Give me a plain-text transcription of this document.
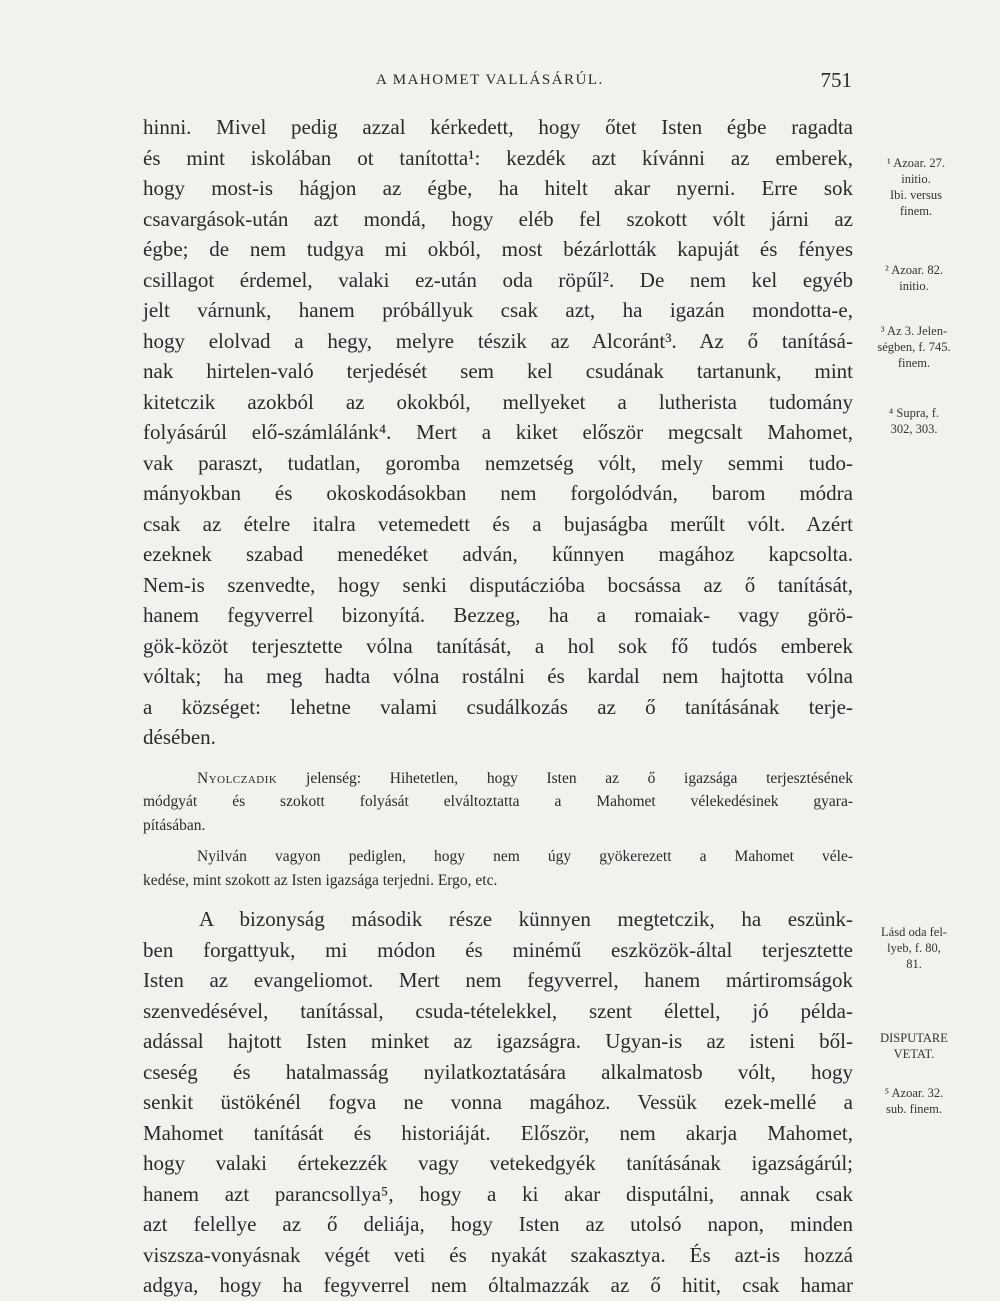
A MAHOMET VALLÁSÁRÚL.	751
hinni. Mivel pedig azzal kérkedett, hogy őtet Isten égbe ragadta
és mint iskolában ot tanította¹: kezdék azt kívánni az emberek,
hogy most-is hágjon az égbe, ha hitelt akar nyerni. Erre sok
csavargások-után azt mondá, hogy eléb fel szokott vólt járni az
égbe; de nem tudgya mi okból, most bézárlották kapuját és fényes
csillagot érdemel, valaki ez-után oda röpűl². De nem kel egyéb
jelt várnunk, hanem próbállyuk csak azt, ha igazán mondotta-e,
hogy elolvad a hegy, melyre tészik az Alcoránt³. Az ő tanításá-
nak hirtelen-való terjedését sem kel csudának tartanunk, mint
kitetczik azokból az okokból, mellyeket a lutherista tudomány
folyásárúl elő-számlálánk⁴. Mert a kiket először megcsalt Mahomet,
vak paraszt, tudatlan, goromba nemzetség vólt, mely semmi tudo-
mányokban és okoskodásokban nem forgolódván, barom módra
csak az ételre italra vetemedett és a bujaságba merűlt vólt. Azért
ezeknek szabad menedéket adván, kűnnyen magához kapcsolta.
Nem-is szenvedte, hogy senki disputáczióba bocsássa az ő tanítását,
hanem fegyverrel bizonyítá. Bezzeg, ha a romaiak- vagy görö-
gök-közöt terjesztette vólna tanítását, a hol sok fő tudós emberek
vóltak; ha meg hadta vólna rostálni és kardal nem hajtotta vólna
a községet: lehetne valami csudálkozás az ő tanításának terje-
désében.
Nyolczadik jelenség: Hihetetlen, hogy Isten az ő igazsága terjesztésének
módgyát és szokott folyását elváltoztatta a Mahomet vélekedésinek gyara-
pításában.
Nyilván vagyon pediglen, hogy nem úgy gyökerezett a Mahomet véle-
kedése, mint szokott az Isten igazsága terjedni. Ergo, etc.
A bizonyság második része künnyen megtetczik, ha eszünk-
ben forgattyuk, mi módon és minémű eszközök-által terjesztette
Isten az evangeliomot. Mert nem fegyverrel, hanem mártiromságok
szenvedésével, tanítással, csuda-tételekkel, szent élettel, jó példa-
adással hajtott Isten minket az igazságra. Ugyan-is az isteni ből-
cseség és hatalmasság nyilatkoztatására alkalmatosb vólt, hogy
senkit üstökénél fogva ne vonna magához. Vessük ezek-mellé a
Mahomet tanítását és historiáját. Először, nem akarja Mahomet,
hogy valaki értekezzék vagy vetekedgyék tanításának igazságárúl;
hanem azt parancsollya⁵, hogy a ki akar disputálni, annak csak
azt felellye az ő deliája, hogy Isten az utolsó napon, minden
viszsza-vonyásnak végét veti és nyakát szakasztya. És azt-is hozzá
adgya, hogy ha fegyverrel nem óltalmazzák az ő hitit, csak hamar
¹ Azoar. 27.
initio.
Ibi. versus
finem.
² Azoar. 82.
initio.
³ Az 3. Jelen-
ségben, f. 745.
finem.
⁴ Supra, f.
302, 303.
Lásd oda fel-
lyeb, f. 80,
81.
DISPUTARE
VETAT.
⁵ Azoar. 32.
sub. finem.
